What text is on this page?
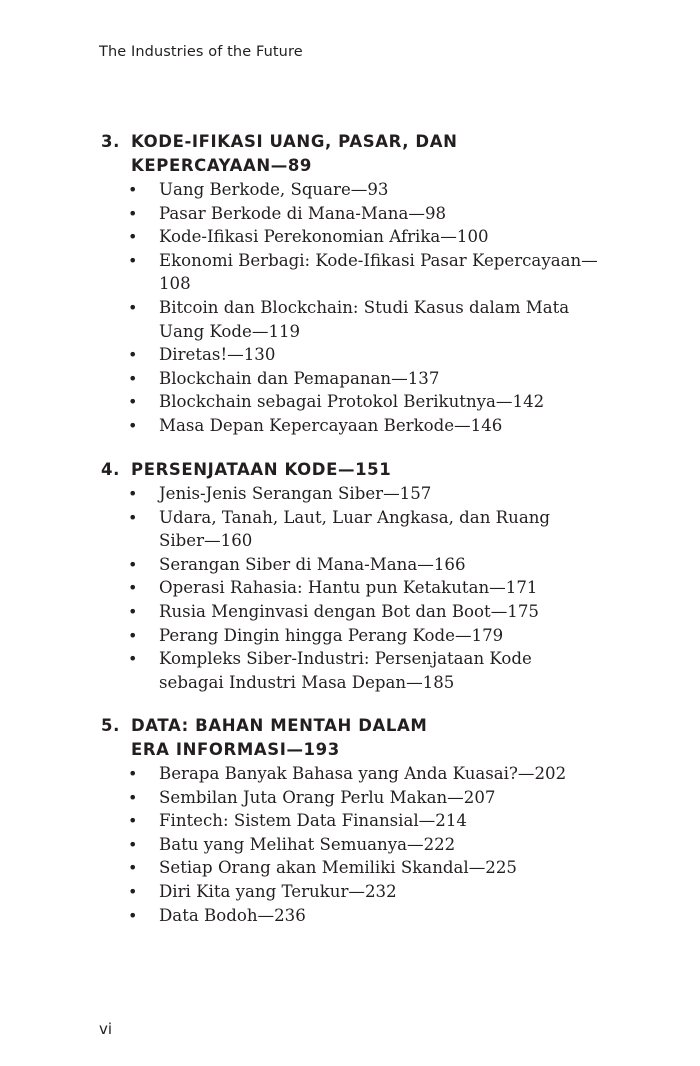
The Industries of the Future
3. KODE-IFIKASI UANG, PASAR, DAN KEPERCAYAAN—89
• Uang Berkode, Square—93
• Pasar Berkode di Mana-Mana—98
• Kode-Ifikasi Perekonomian Afrika—100
• Ekonomi Berbagi: Kode-Ifikasi Pasar Kepercayaan—108
• Bitcoin dan Blockchain: Studi Kasus dalam Mata Uang Kode—119
• Diretas!—130
• Blockchain dan Pemapanan—137
• Blockchain sebagai Protokol Berikutnya—142
• Masa Depan Kepercayaan Berkode—146
4. PERSENJATAAN KODE—151
• Jenis-Jenis Serangan Siber—157
• Udara, Tanah, Laut, Luar Angkasa, dan Ruang Siber—160
• Serangan Siber di Mana-Mana—166
• Operasi Rahasia: Hantu pun Ketakutan—171
• Rusia Menginvasi dengan Bot dan Boot—175
• Perang Dingin hingga Perang Kode—179
• Kompleks Siber-Industri: Persenjataan Kode sebagai Industri Masa Depan—185
5. DATA: BAHAN MENTAH DALAM ERA INFORMASI—193
• Berapa Banyak Bahasa yang Anda Kuasai?—202
• Sembilan Juta Orang Perlu Makan—207
• Fintech: Sistem Data Finansial—214
• Batu yang Melihat Semuanya—222
• Setiap Orang akan Memiliki Skandal—225
• Diri Kita yang Terukur—232
• Data Bodoh—236
vi
